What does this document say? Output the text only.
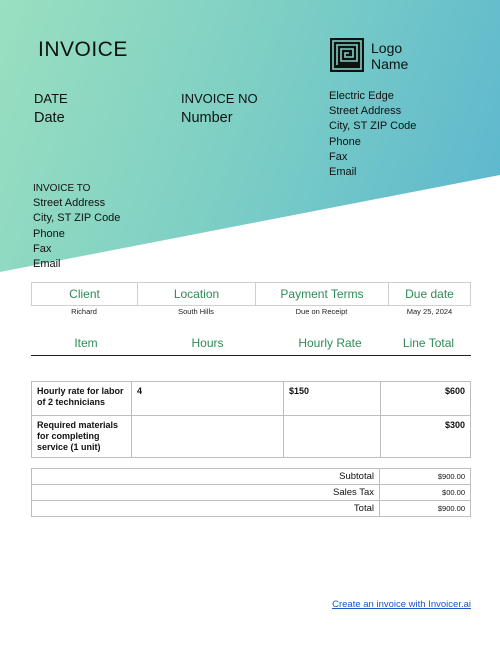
INVOICE	Logo
Name
DATE
Date
INVOICE NO
Number
Electric Edge
Street Address
City, ST ZIP Code
Phone
Fax
Email
INVOICE TO
Street Address
City, ST ZIP Code
Phone
Fax
Email
Client	Location	Payment Terms	Due date
Richard	South Hills	Due on Receipt	May 25, 2024
Item	Hours	Hourly Rate	Line Total
Hourly rate for labor of 2 technicians	4	$150	$600
Required materials for completing service (1 unit)			$300
Subtotal	$900.00
Sales Tax	$00.00
Total	$900.00
Create an invoice with Invoicer.ai
